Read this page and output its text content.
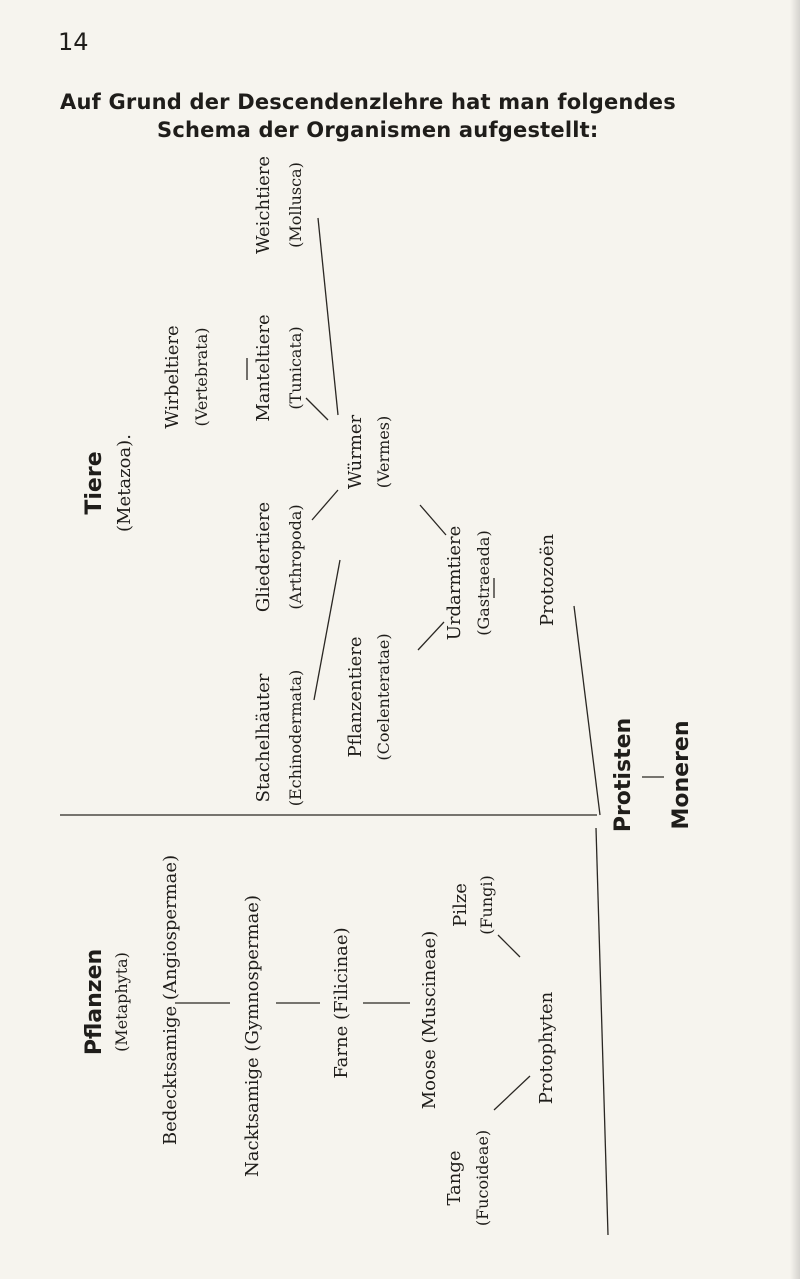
14
Auf Grund der Descendenzlehre hat man folgendes
Schema der Organismen aufgestellt:
Tiere (Metazoa).
Wirbeltiere (Vertebrata)
Weichtiere (Mollusca)
Manteltiere (Tunicata)
Gliedertiere (Arthropoda)
Würmer (Vermes)
Stachelhäuter (Echinodermata) Pflanzentiere (Coelenteratae)
Urdarmtiere (Gastraeada) Protozoën
Protisten Moneren
Pflanzen (Metaphyta) Bedecktsamige (Angiospermae)	Nacktsamige (Gymnospermae)	Farne (Filicinae)	Moose (Muscineae)
Pilze (Fungi)
Tange (Fucoideae)
Protophyten
